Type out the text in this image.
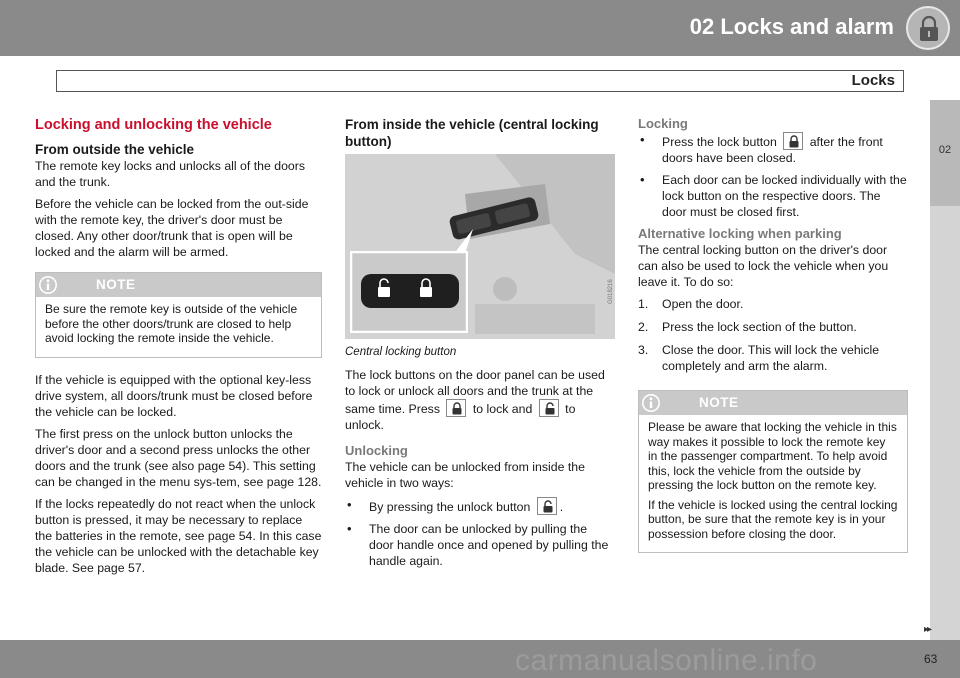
02 Locks and alarm
Locks
02
Locking and unlocking the vehicle
From outside the vehicle

The remote key locks and unlocks all of the doors and the trunk.

Before the vehicle can be locked from the out-side with the remote key, the driver's door must be closed. Any other door/trunk that is open will be locked and the alarm will be armed.

NOTE

Be sure the remote key is outside of the vehicle before the other doors/trunk are closed to help avoid locking the remote inside the vehicle.

If the vehicle is equipped with the optional key-less drive system, all doors/trunk must be closed before the vehicle can be locked.

The first press on the unlock button unlocks the driver's door and a second press unlocks the other doors and the trunk (see also page 54). This setting can be changed in the menu sys-tem, see page 128.

If the locks repeatedly do not react when the unlock button is pressed, it may be necessary to replace the batteries in the remote, see page 54. In this case the vehicle can be unlocked with the detachable key blade. See page 57.

From inside the vehicle (central locking button)
G018216
Central locking button

The lock buttons on the door panel can be used to lock or unlock all doors and the trunk at the same time. Press	to lock and	to unlock.

Unlocking

The vehicle can be unlocked from inside the vehicle in two ways:

• By pressing the unlock button .
• The door can be unlocked by pulling the door handle once and opened by pulling the handle again.
Locking
• Press the lock button	after the front doors have been closed.
• Each door can be locked individually with the lock button on the respective doors. The door must be closed first.
Alternative locking when parking

The central locking button on the driver's door can also be used to lock the vehicle when you leave it. To do so:

1. Open the door.
2. Press the lock section of the button.
3. Close the door. This will lock the vehicle completely and arm the alarm.
NOTE

Please be aware that locking the vehicle in this way makes it possible to lock the remote key in the passenger compartment. To help avoid this, lock the vehicle from the outside by pressing the lock button on the remote key.

If the vehicle is locked using the central locking button, be sure that the remote key is in your possession before closing the door.

carmanualsonline.info
▸▸
63
